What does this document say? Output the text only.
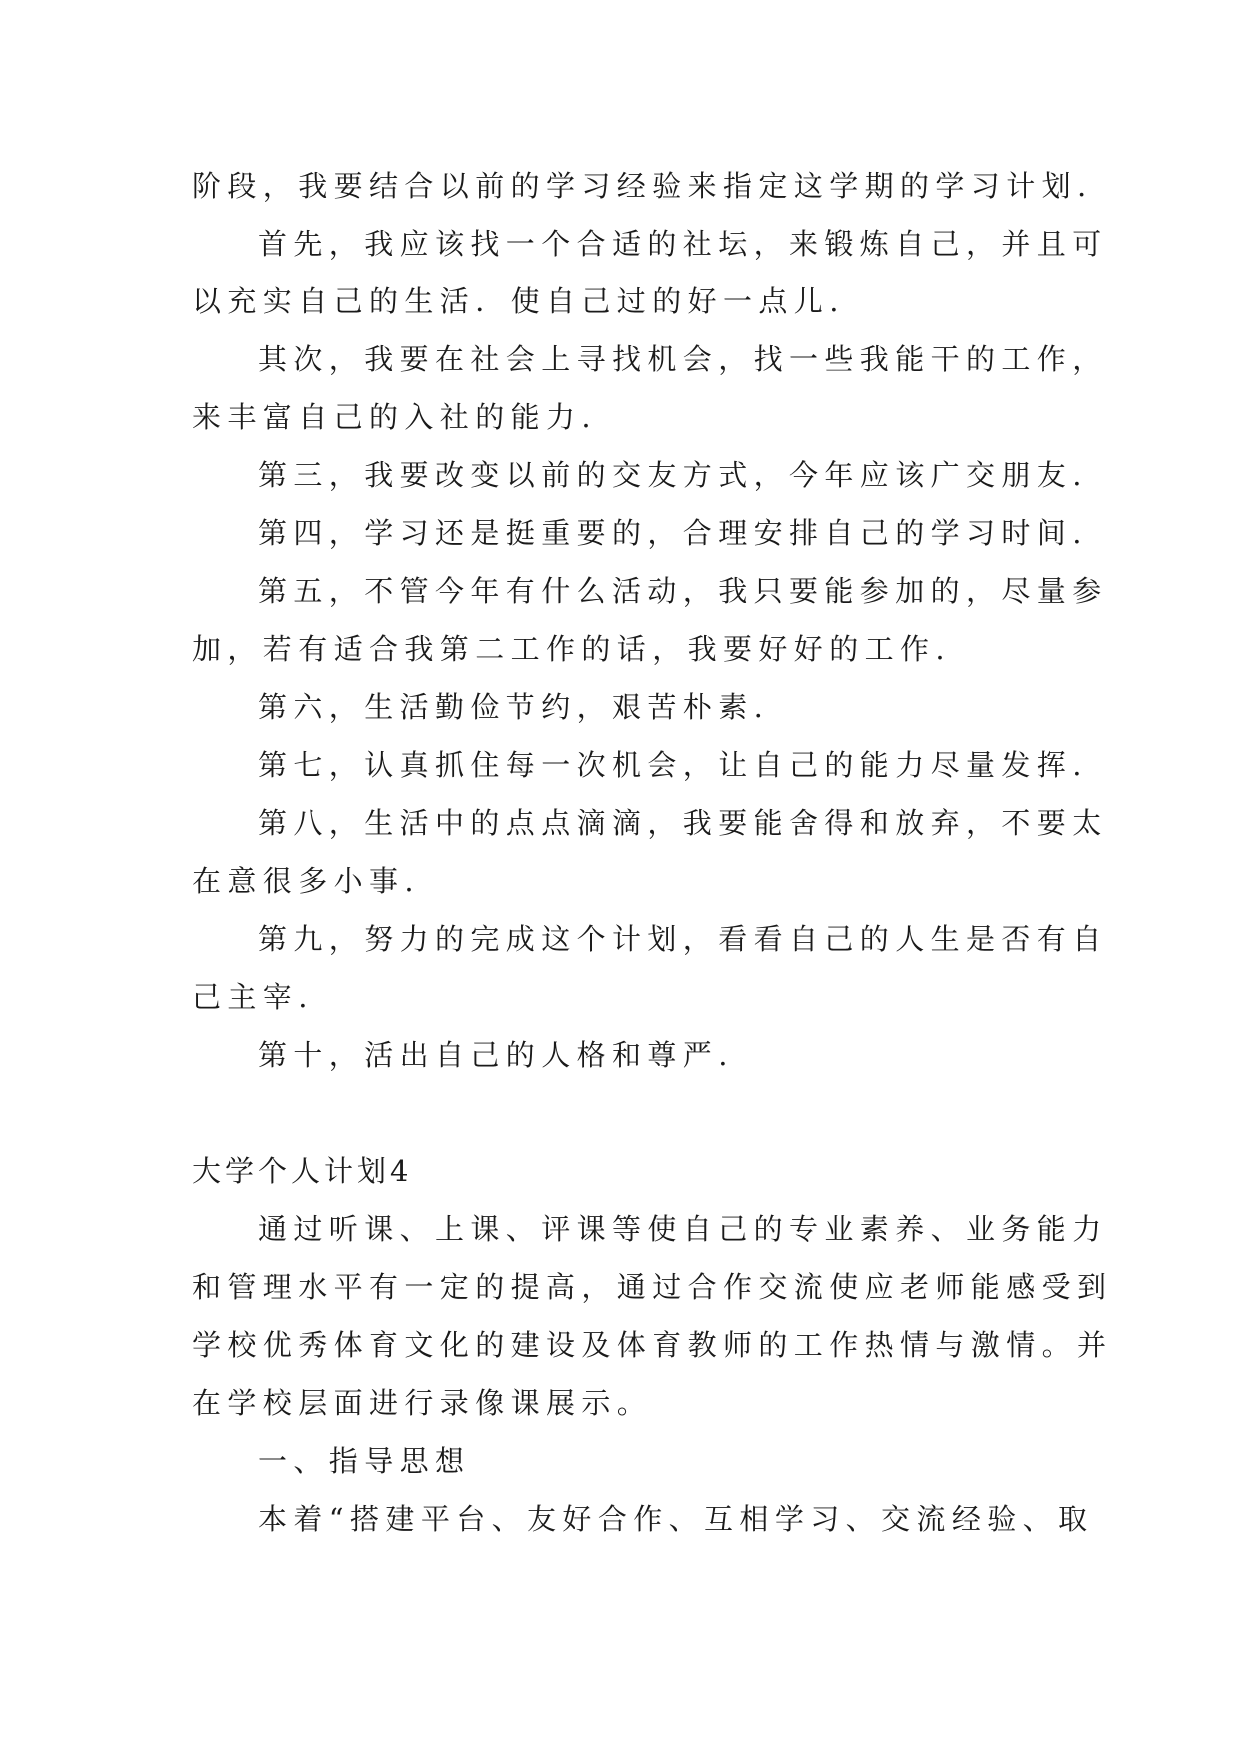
阶段，我要结合以前的学习经验来指定这学期的学习计划.
首先，我应该找一个合适的社坛，来锻炼自己，并且可
以充实自己的生活．使自己过的好一点儿.
其次，我要在社会上寻找机会，找一些我能干的工作，
来丰富自己的入社的能力.
第三，我要改变以前的交友方式，今年应该广交朋友.
第四，学习还是挺重要的，合理安排自己的学习时间.
第五，不管今年有什么活动，我只要能参加的，尽量参
加，若有适合我第二工作的话，我要好好的工作.
第六，生活勤俭节约，艰苦朴素.
第七，认真抓住每一次机会，让自己的能力尽量发挥.
第八，生活中的点点滴滴，我要能舍得和放弃，不要太
在意很多小事.
第九，努力的完成这个计划，看看自己的人生是否有自
己主宰.
第十，活出自己的人格和尊严.
大学个人计划4
通过听课、上课、评课等使自己的专业素养、业务能力
和管理水平有一定的提高，通过合作交流使应老师能感受到
学校优秀体育文化的建设及体育教师的工作热情与激情。并
在学校层面进行录像课展示。
一、指导思想
本着“搭建平台、友好合作、互相学习、交流经验、取
